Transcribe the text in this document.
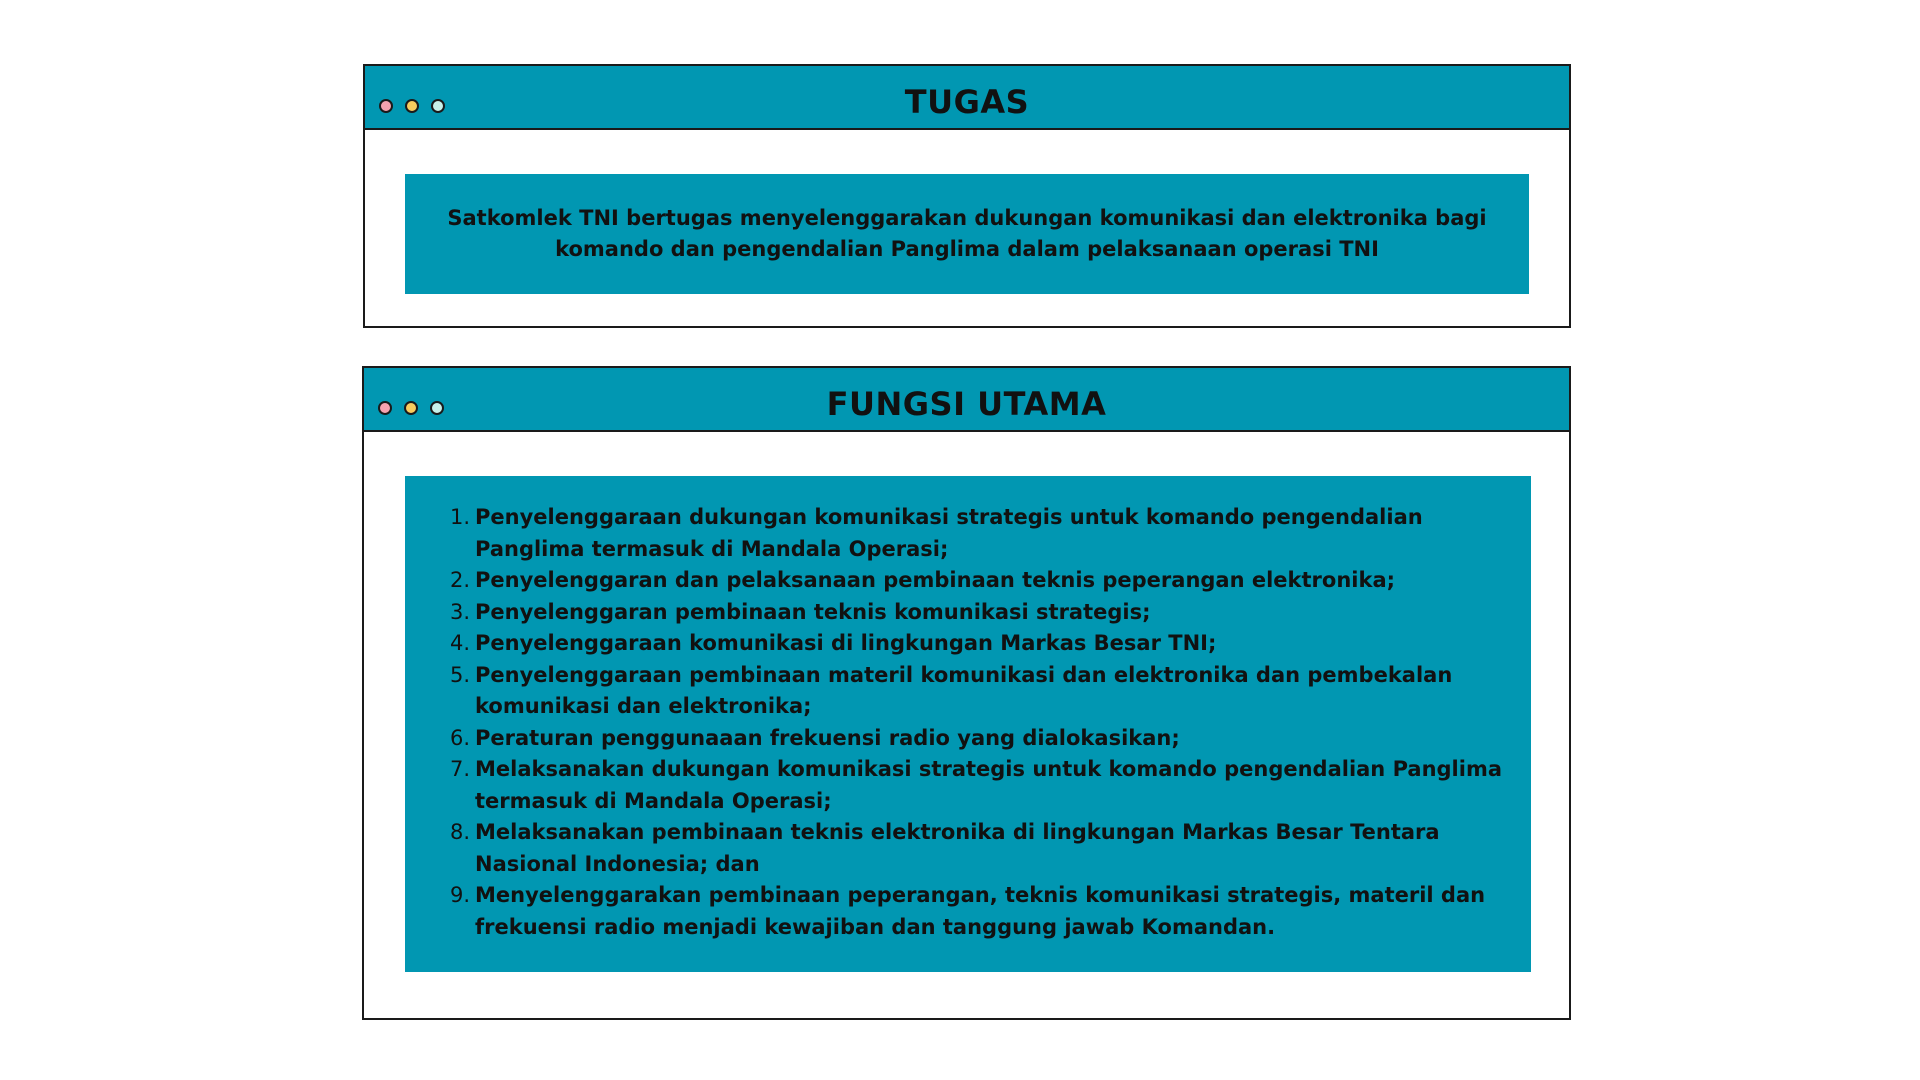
TUGAS
Satkomlek TNI bertugas menyelenggarakan dukungan komunikasi dan elektronika bagi komando dan pengendalian Panglima dalam pelaksanaan operasi TNI
FUNGSI UTAMA
1. Penyelenggaraan dukungan komunikasi strategis untuk komando pengendalian Panglima termasuk di Mandala Operasi;
2. Penyelenggaran dan pelaksanaan pembinaan teknis peperangan elektronika;
3. Penyelenggaran pembinaan teknis komunikasi strategis;
4. Penyelenggaraan komunikasi di lingkungan Markas Besar TNI;
5. Penyelenggaraan pembinaan materil komunikasi dan elektronika dan pembekalan komunikasi dan elektronika;
6. Peraturan penggunaaan frekuensi radio yang dialokasikan;
7. Melaksanakan dukungan komunikasi strategis untuk komando pengendalian Panglima termasuk di Mandala Operasi;
8. Melaksanakan pembinaan teknis elektronika di lingkungan Markas Besar Tentara Nasional Indonesia; dan
9. Menyelenggarakan pembinaan peperangan, teknis komunikasi strategis, materil dan frekuensi radio menjadi kewajiban dan tanggung jawab Komandan.
